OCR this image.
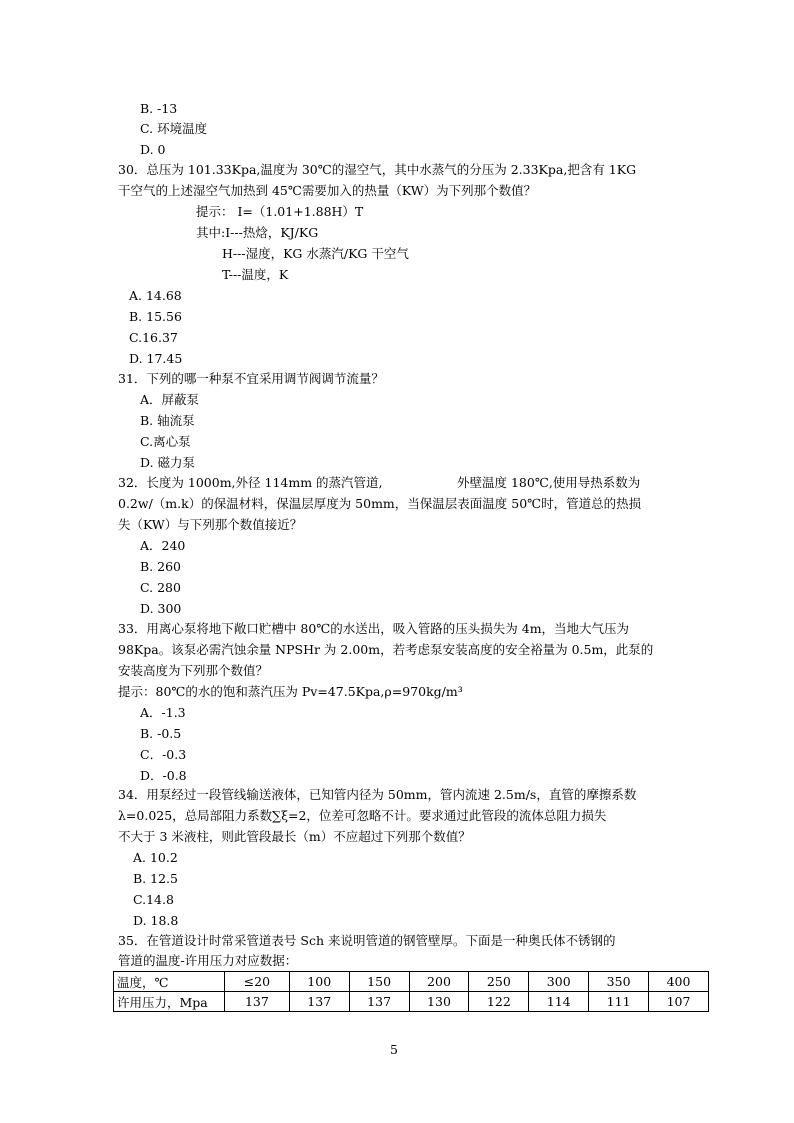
B. -13
C. 环境温度
D. 0
30．总压为 101.33Kpa,温度为 30℃的湿空气，其中水蒸气的分压为 2.33Kpa,把含有 1KG
干空气的上述湿空气加热到 45℃需要加入的热量（KW）为下列那个数值？
提示： I=（1.01+1.88H）T
其中:I---热焓，KJ/KG
H---湿度，KG 水蒸汽/KG 干空气
T---温度，K
A. 14.68
B. 15.56
C.16.37
D. 17.45
31．下列的哪一种泵不宜采用调节阀调节流量？
A．屏蔽泵
B. 轴流泵
C.离心泵
D. 磁力泵
32．长度为 1000m,外径 114mm 的蒸汽管道,	外壁温度 180℃,使用导热系数为
0.2w/（m.k）的保温材料，保温层厚度为 50mm，当保温层表面温度 50℃时，管道总的热损
失（KW）与下列那个数值接近？
A．240
B. 260
C. 280
D. 300
33．用离心泵将地下敞口贮槽中 80℃的水送出，吸入管路的压头损失为 4m，当地大气压为
98Kpa。该泵必需汽蚀余量 NPSHr 为 2.00m，若考虑泵安装高度的安全裕量为 0.5m，此泵的
安装高度为下列那个数值？
提示：80℃的水的饱和蒸汽压为 Pv=47.5Kpa,ρ=970kg/m³
A．-1.3
B. -0.5
C．-0.3
D．-0.8
34．用泵经过一段管线输送液体，已知管内径为 50mm，管内流速 2.5m/s，直管的摩擦系数
λ=0.025，总局部阻力系数∑ξ=2，位差可忽略不计。要求通过此管段的流体总阻力损失
不大于 3 米液柱，则此管段最长（m）不应超过下列那个数值？
A. 10.2
B. 12.5
C.14.8
D. 18.8
35．在管道设计时常采管道表号 Sch 来说明管道的钢管壁厚。下面是一种奥氏体不锈钢的
管道的温度-许用压力对应数据：
温度，℃	≤20	100	150	200	250	300	350	400
许用压力，Mpa	137	137	137	130	122	114	111	107
5
